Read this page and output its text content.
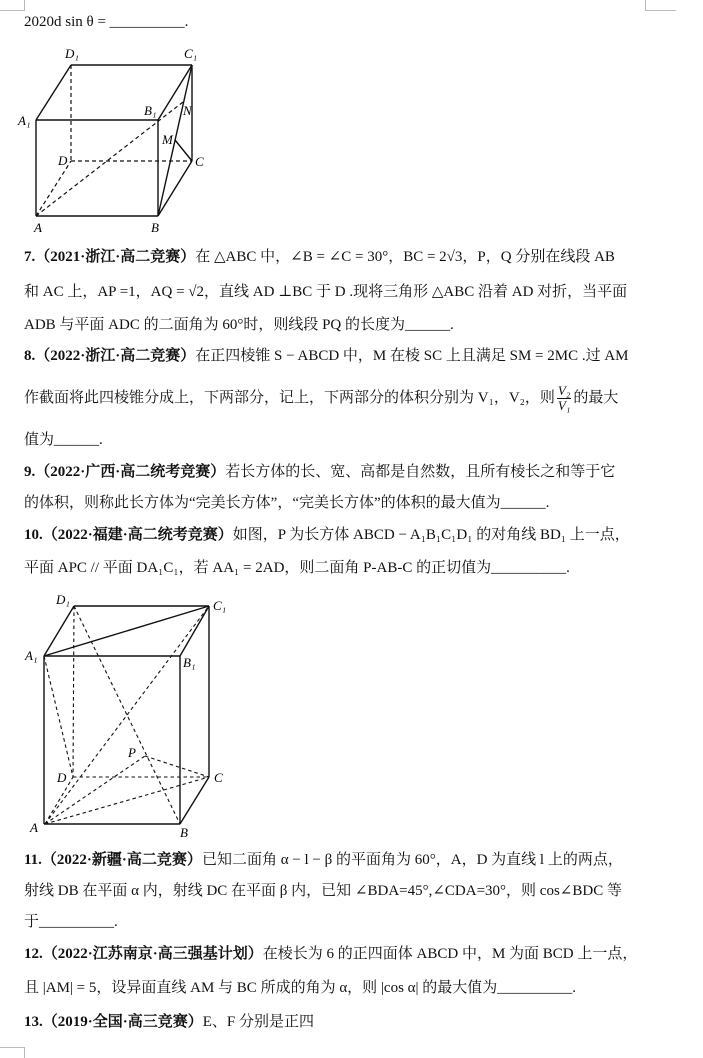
2020d sin θ = __________.
D₁	C₁
A₁
B₁ N
M
D	C
A	B
D₁	C₁
A₁	B₁
P
D	C
A	B
7.（2021·浙江·高二竞赛）在 △ABC 中，∠B = ∠C = 30°，BC = 2√3，P，Q 分别在线段 AB
和 AC 上，AP =1，AQ = √2，直线 AD ⊥BC 于 D .现将三角形 △ABC 沿着 AD 对折，当平面
ADB 与平面 ADC 的二面角为 60°时，则线段 PQ 的长度为______.
8.（2022·浙江·高二竞赛）在正四棱锥 S − ABCD 中，M 在棱 SC 上且满足 SM = 2MC .过 AM
作截面将此四棱锥分成上，下两部分，记上，下两部分的体积分别为 V₁，V₂，则 $\frac{\text{V₂}}{\text{V₁}}$ 的最大
值为______.
9.（2022·广西·高二统考竞赛）若长方体的长、宽、高都是自然数，且所有棱长之和等于它
的体积，则称此长方体为“完美长方体”，“完美长方体”的体积的最大值为______.
10.（2022·福建·高二统考竞赛）如图，P 为长方体 ABCD − A₁B₁C₁D₁ 的对角线 BD₁ 上一点，
平面 APC // 平面 DA₁C₁，若 AA₁ = 2AD，则二面角 P-AB-C 的正切值为__________.
11.（2022·新疆·高二竞赛）已知二面角 α − l − β 的平面角为 60°，A，D 为直线 l 上的两点，
射线 DB 在平面 α 内，射线 DC 在平面 β 内，已知 ∠BDA=45°,∠CDA=30°，则 cos∠BDC 等
于__________.
12.（2022·江苏南京·高三强基计划）在棱长为 6 的正四面体 ABCD 中，M 为面 BCD 上一点，
且 |AM| = 5，设异面直线 AM 与 BC 所成的角为 α，则 |cos α| 的最大值为__________.
13.（2019·全国·高三竞赛）E、F 分别是正四
